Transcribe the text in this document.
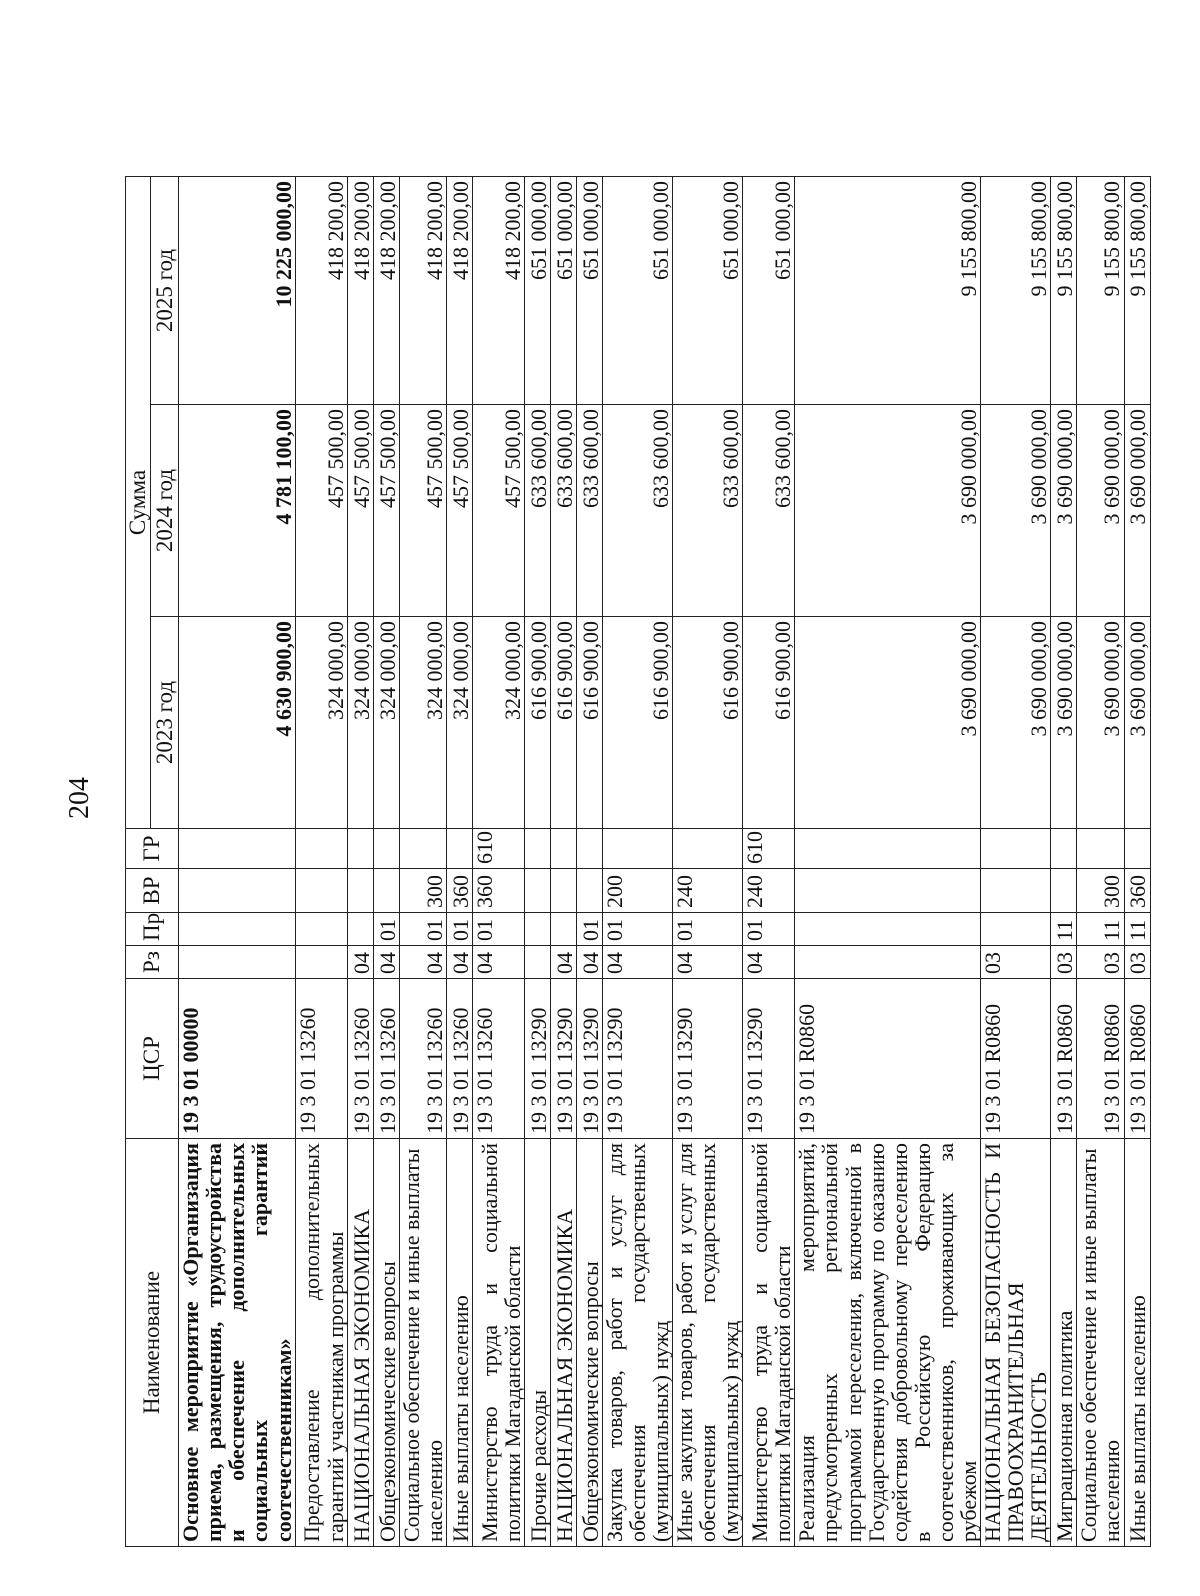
204
Наименование	ЦСР	Рз	Пр	ВР	ГР	Сумма		
						2023 год	2024 год	2025 год
Основное мероприятие «Организация приема, размещения, трудоустройства и обеспечение дополнительных социальных гарантий соотечественникам»	19 3 01 00000					4 630 900,00	4 781 100,00	10 225 000,00
Предоставление дополнительных гарантий участникам программы	19 3 01 13260					324 000,00	457 500,00	418 200,00
НАЦИОНАЛЬНАЯ ЭКОНОМИКА	19 3 01 13260	04				324 000,00	457 500,00	418 200,00
Общеэкономические вопросы	19 3 01 13260	04	01			324 000,00	457 500,00	418 200,00
Социальное обеспечение и иные выплаты населению	19 3 01 13260	04	01	300		324 000,00	457 500,00	418 200,00
Иные выплаты населению	19 3 01 13260	04	01	360		324 000,00	457 500,00	418 200,00
Министерство труда и социальной политики Магаданской области	19 3 01 13260	04	01	360	610	324 000,00	457 500,00	418 200,00
Прочие расходы	19 3 01 13290					616 900,00	633 600,00	651 000,00
НАЦИОНАЛЬНАЯ ЭКОНОМИКА	19 3 01 13290	04				616 900,00	633 600,00	651 000,00
Общеэкономические вопросы	19 3 01 13290	04	01			616 900,00	633 600,00	651 000,00
Закупка товаров, работ и услуг для обеспечения государственных (муниципальных) нужд	19 3 01 13290	04	01	200		616 900,00	633 600,00	651 000,00
Иные закупки товаров, работ и услуг для обеспечения государственных (муниципальных) нужд	19 3 01 13290	04	01	240		616 900,00	633 600,00	651 000,00
Министерство труда и социальной политики Магаданской области	19 3 01 13290	04	01	240	610	616 900,00	633 600,00	651 000,00
Реализация мероприятий, предусмотренных региональной программой переселения, включенной в Государственную программу по оказанию содействия добровольному переселению в Российскую Федерацию соотечественников, проживающих за рубежом	19 3 01 R0860					3 690 000,00	3 690 000,00	9 155 800,00
НАЦИОНАЛЬНАЯ БЕЗОПАСНОСТЬ И ПРАВООХРАНИТЕЛЬНАЯ ДЕЯТЕЛЬНОСТЬ	19 3 01 R0860	03				3 690 000,00	3 690 000,00	9 155 800,00
Миграционная политика	19 3 01 R0860	03	11			3 690 000,00	3 690 000,00	9 155 800,00
Социальное обеспечение и иные выплаты населению	19 3 01 R0860	03	11	300		3 690 000,00	3 690 000,00	9 155 800,00
Иные выплаты населению	19 3 01 R0860	03	11	360		3 690 000,00	3 690 000,00	9 155 800,00
